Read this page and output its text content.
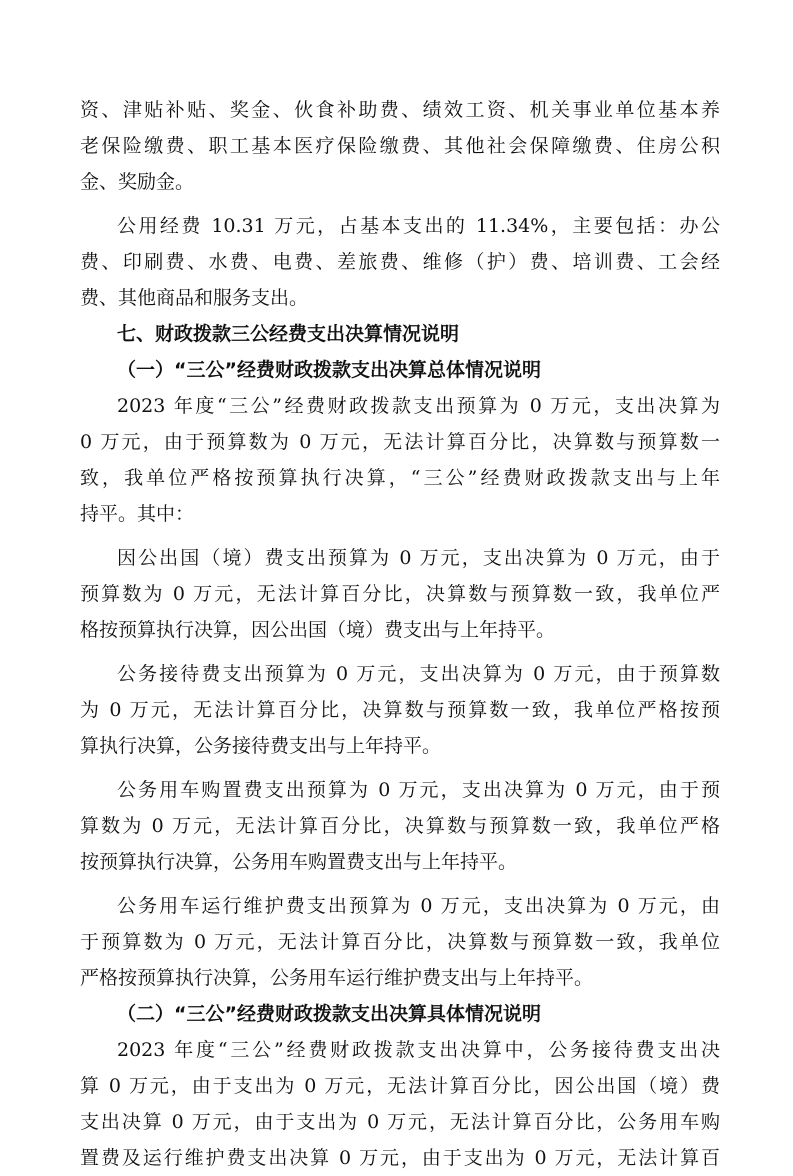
资、津贴补贴、奖金、伙食补助费、绩效工资、机关事业单位基本养
老保险缴费、职工基本医疗保险缴费、其他社会保障缴费、住房公积
金、奖励金。
公用经费 10.31 万元，占基本支出的 11.34%，主要包括：办公
费、印刷费、水费、电费、差旅费、维修（护）费、培训费、工会经
费、其他商品和服务支出。
七、财政拨款三公经费支出决算情况说明
（一）“三公”经费财政拨款支出决算总体情况说明
2023 年度“三公”经费财政拨款支出预算为 0 万元，支出决算为
0 万元，由于预算数为 0 万元，无法计算百分比，决算数与预算数一
致，我单位严格按预算执行决算，“三公”经费财政拨款支出与上年
持平。其中：
因公出国（境）费支出预算为 0 万元，支出决算为 0 万元，由于
预算数为 0 万元，无法计算百分比，决算数与预算数一致，我单位严
格按预算执行决算，因公出国（境）费支出与上年持平。
公务接待费支出预算为 0 万元，支出决算为 0 万元，由于预算数
为 0 万元，无法计算百分比，决算数与预算数一致，我单位严格按预
算执行决算，公务接待费支出与上年持平。
公务用车购置费支出预算为 0 万元，支出决算为 0 万元，由于预
算数为 0 万元，无法计算百分比，决算数与预算数一致，我单位严格
按预算执行决算，公务用车购置费支出与上年持平。
公务用车运行维护费支出预算为 0 万元，支出决算为 0 万元，由
于预算数为 0 万元，无法计算百分比，决算数与预算数一致，我单位
严格按预算执行决算，公务用车运行维护费支出与上年持平。
（二）“三公”经费财政拨款支出决算具体情况说明
2023 年度“三公”经费财政拨款支出决算中，公务接待费支出决
算 0 万元，由于支出为 0 万元，无法计算百分比，因公出国（境）费
支出决算 0 万元，由于支出为 0 万元，无法计算百分比，公务用车购
置费及运行维护费支出决算 0 万元，由于支出为 0 万元，无法计算百
